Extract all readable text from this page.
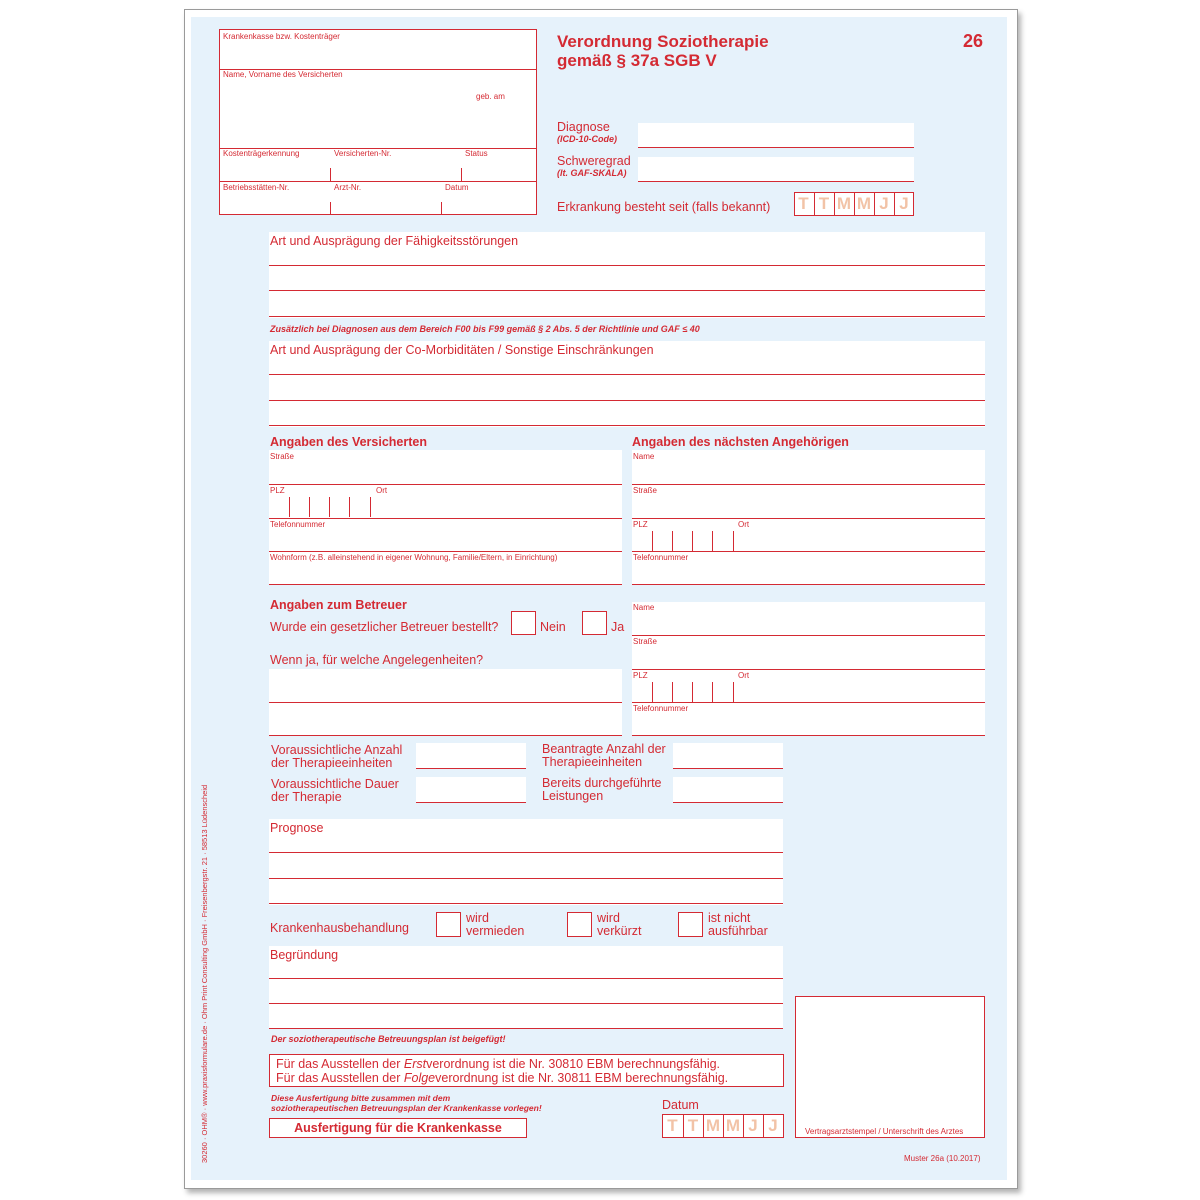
Krankenkasse bzw. Kostenträger
Name, Vorname des Versicherten
geb. am
Kostenträgerkennung	Versicherten-Nr.	Status
Betriebsstätten-Nr.	Arzt-Nr.	Datum
Verordnung Soziotherapie
gemäß § 37a SGB V
26
Diagnose
(ICD-10-Code)
Schweregrad
(lt. GAF-SKALA)
Erkrankung besteht seit (falls bekannt) T T M M J J
Art und Ausprägung der Fähigkeitsstörungen
Zusätzlich bei Diagnosen aus dem Bereich F00 bis F99 gemäß § 2 Abs. 5 der Richtlinie und GAF ≤ 40
Art und Ausprägung der Co-Morbiditäten / Sonstige Einschränkungen
Angaben des Versicherten
Straße
PLZ	Ort
Telefonnummer
Wohnform (z.B. alleinstehend in eigener Wohnung, Familie/Eltern, in Einrichtung)
Angaben des nächsten Angehörigen
Name
Straße
PLZ	Ort
Telefonnummer
Angaben zum Betreuer
Wurde ein gesetzlicher Betreuer bestellt?	Nein	Ja
Wenn ja, für welche Angelegenheiten?
Name
Straße
PLZ	Ort
Telefonnummer
Voraussichtliche Anzahl
der Therapieeinheiten
Beantragte Anzahl der
Therapieeinheiten
Voraussichtliche Dauer
der Therapie
Bereits durchgeführte
Leistungen
Prognose
Krankenhausbehandlung
wird
vermieden
wird
verkürzt
ist nicht
ausführbar
Begründung
Der soziotherapeutische Betreuungsplan ist beigefügt!
Für das Ausstellen der Erstverordnung ist die Nr. 30810 EBM berechnungsfähig.
Für das Ausstellen der Folgeverordnung ist die Nr. 30811 EBM berechnungsfähig.
Diese Ausfertigung bitte zusammen mit dem
soziotherapeutischen Betreuungsplan der Krankenkasse vorlegen!
Ausfertigung für die Krankenkasse
Datum
T T M M J J	Vertragsarztstempel / Unterschrift des Arztes
Muster 26a (10.2017)
30260 · OHM® · www.praxisformulare.de · Ohm Print Consulting GmbH · Freisenbergstr. 21 · 58513 Lüdenscheid
